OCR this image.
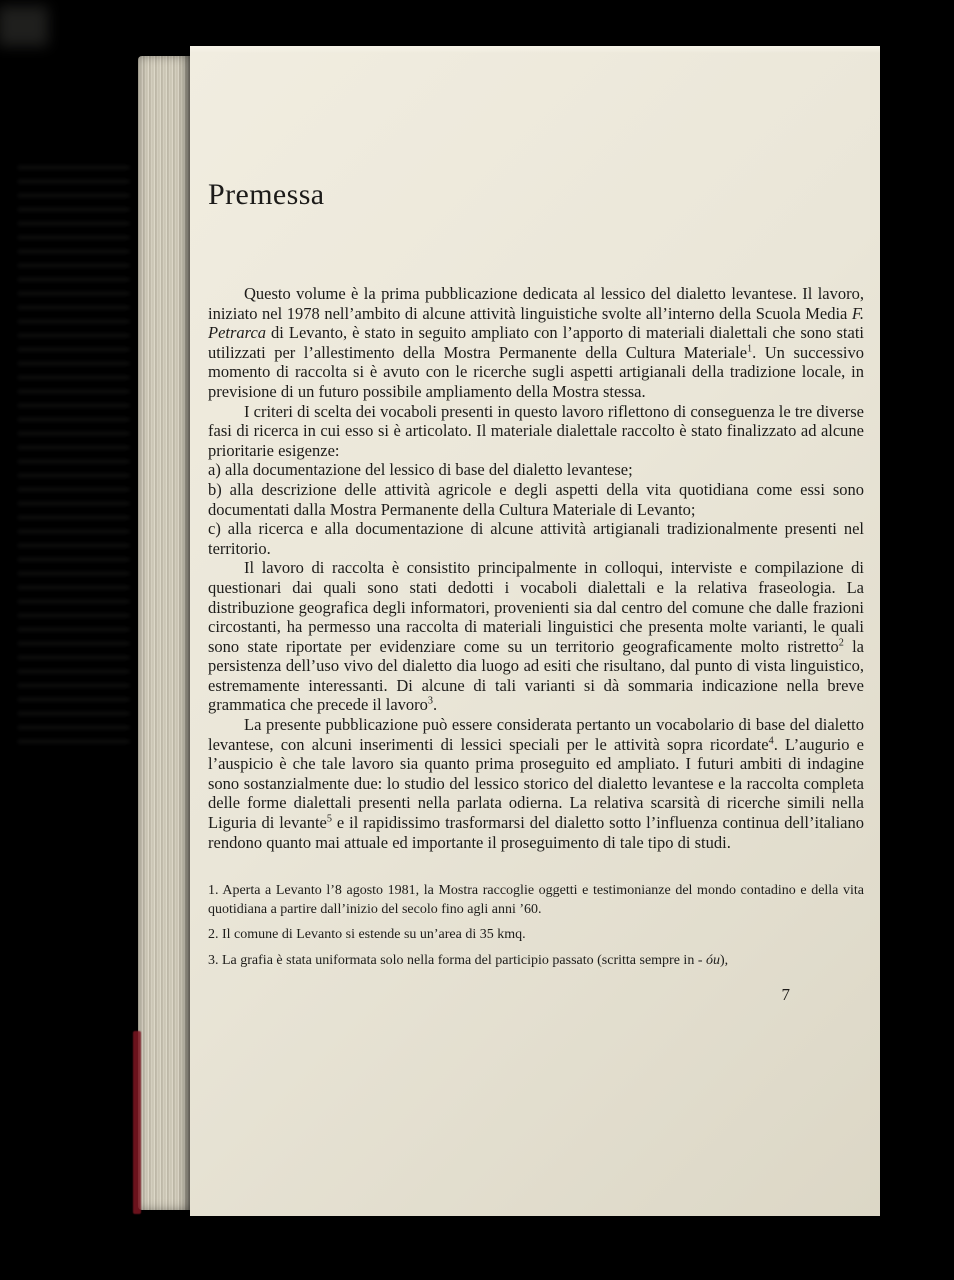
Premessa

Questo volume è la prima pubblicazione dedicata al lessico del dialetto levantese. Il lavoro, iniziato nel 1978 nell’ambito di alcune attività linguistiche svolte all’interno della Scuola Media F. Petrarca di Levanto, è stato in seguito ampliato con l’apporto di materiali dialettali che sono stati utilizzati per l’allestimento della Mostra Permanente della Cultura Materiale$^1$. Un successivo momento di raccolta si è avuto con le ricerche sugli aspetti artigianali della tradizione locale, in previsione di un futuro possibile ampliamento della Mostra stessa.

I criteri di scelta dei vocaboli presenti in questo lavoro riflettono di conseguenza le tre diverse fasi di ricerca in cui esso si è articolato. Il materiale dialettale raccolto è stato finalizzato ad alcune prioritarie esigenze:

a) alla documentazione del lessico di base del dialetto levantese;

b) alla descrizione delle attività agricole e degli aspetti della vita quotidiana come essi sono documentati dalla Mostra Permanente della Cultura Materiale di Levanto;

c) alla ricerca e alla documentazione di alcune attività artigianali tradizionalmente presenti nel territorio.

Il lavoro di raccolta è consistito principalmente in colloqui, interviste e compilazione di questionari dai quali sono stati dedotti i vocaboli dialettali e la relativa fraseologia. La distribuzione geografica degli informatori, provenienti sia dal centro del comune che dalle frazioni circostanti, ha permesso una raccolta di materiali linguistici che presenta molte varianti, le quali sono state riportate per evidenziare come su un territorio geograficamente molto ristretto$^2$ la persistenza dell’uso vivo del dialetto dia luogo ad esiti che risultano, dal punto di vista linguistico, estremamente interessanti. Di alcune di tali varianti si dà sommaria indicazione nella breve grammatica che precede il lavoro$^3$.

La presente pubblicazione può essere considerata pertanto un vocabolario di base del dialetto levantese, con alcuni inserimenti di lessici speciali per le attività sopra ricordate$^4$. L’augurio e l’auspicio è che tale lavoro sia quanto prima proseguito ed ampliato. I futuri ambiti di indagine sono sostanzialmente due: lo studio del lessico storico del dialetto levantese e la raccolta completa delle forme dialettali presenti nella parlata odierna. La relativa scarsità di ricerche simili nella Liguria di levante$^5$ e il rapidissimo trasformarsi del dialetto sotto l’influenza continua dell’italiano rendono quanto mai attuale ed importante il proseguimento di tale tipo di studi.

1. Aperta a Levanto l’8 agosto 1981, la Mostra raccoglie oggetti e testimonianze del mondo contadino e della vita quotidiana a partire dall’inizio del secolo fino agli anni ’60.

2. Il comune di Levanto si estende su un’area di 35 kmq.

3. La grafia è stata uniformata solo nella forma del participio passato (scritta sempre in - óu),

7
